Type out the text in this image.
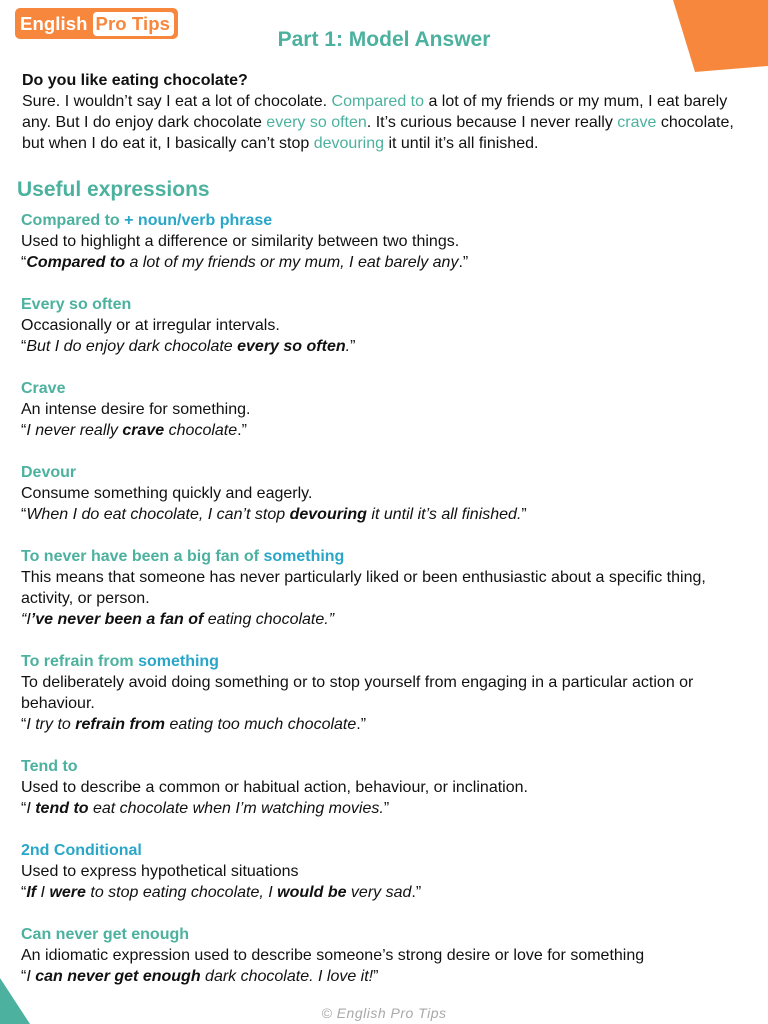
English Pro Tips
Part 1: Model Answer
Do you like eating chocolate?
Sure. I wouldn’t say I eat a lot of chocolate. Compared to a lot of my friends or my mum, I eat barely any. But I do enjoy dark chocolate every so often. It’s curious because I never really crave chocolate, but when I do eat it, I basically can’t stop devouring it until it’s all finished.
Useful expressions
Compared to + noun/verb phrase
Used to highlight a difference or similarity between two things.
“Compared to a lot of my friends or my mum, I eat barely any.”
Every so often
Occasionally or at irregular intervals.
“But I do enjoy dark chocolate every so often.”
Crave
An intense desire for something.
“I never really crave chocolate.”
Devour
Consume something quickly and eagerly.
“When I do eat chocolate, I can’t stop devouring it until it’s all finished.”
To never have been a big fan of something
This means that someone has never particularly liked or been enthusiastic about a specific thing, activity, or person.
“I’ve never been a fan of eating chocolate.”
To refrain from something
To deliberately avoid doing something or to stop yourself from engaging in a particular action or behaviour.
“I try to refrain from eating too much chocolate.”
Tend to
Used to describe a common or habitual action, behaviour, or inclination.
“I tend to eat chocolate when I’m watching movies.”
2nd Conditional
Used to express hypothetical situations
“If I were to stop eating chocolate, I would be very sad.”
Can never get enough
An idiomatic expression used to describe someone’s strong desire or love for something
“I can never get enough dark chocolate. I love it!”
© English Pro Tips
